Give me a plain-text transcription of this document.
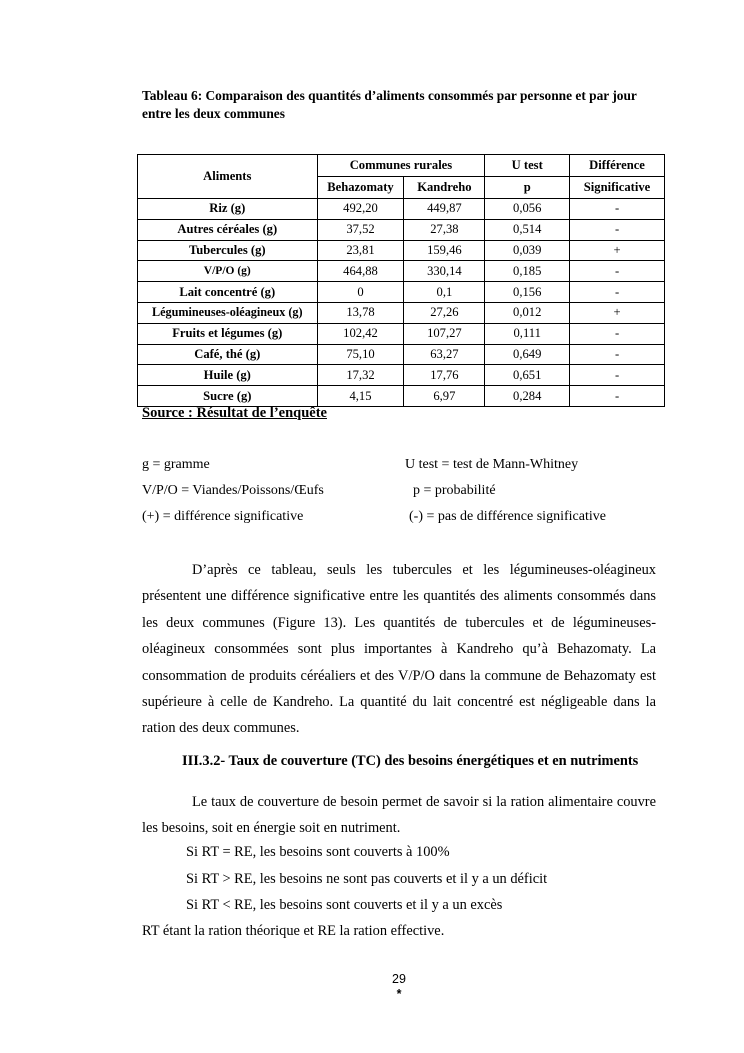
Tableau 6: Comparaison des quantités d’aliments consommés par personne et par jour entre les deux communes
Aliments	Communes rurales		U test	Différence
	Behazomaty	Kandreho	p	Significative
Riz (g)	492,20	449,87	0,056	-
Autres céréales (g)	37,52	27,38	0,514	-
Tubercules (g)	23,81	159,46	0,039	+
V/P/O (g)	464,88	330,14	0,185	-
Lait concentré (g)	0	0,1	0,156	-
Légumineuses-oléagineux (g)	13,78	27,26	0,012	+
Fruits et légumes (g)	102,42	107,27	0,111	-
Café, thé (g)	75,10	63,27	0,649	-
Huile (g)	17,32	17,76	0,651	-
Sucre (g)	4,15	6,97	0,284	-
Source : Résultat de l’enquête
g = gramme	U test = test de Mann-Whitney
V/P/O = Viandes/Poissons/Œufs	p = probabilité
(+) = différence significative	(-) = pas de différence significative

D’après ce tableau, seuls les tubercules et les légumineuses-oléagineux présentent une différence significative entre les quantités des aliments consommés dans les deux communes (Figure 13). Les quantités de tubercules et de légumineuses-oléagineux consommées sont plus importantes à Kandreho qu’à Behazomaty. La consommation de produits céréaliers et des V/P/O dans la commune de Behazomaty est supérieure à celle de Kandreho. La quantité du lait concentré est négligeable dans la ration des deux communes.

III.3.2- Taux de couverture (TC) des besoins énergétiques et en nutriments

Le taux de couverture de besoin permet de savoir si la ration alimentaire couvre les besoins, soit en énergie soit en nutriment.

Si RT = RE, les besoins sont couverts à 100%
Si RT > RE, les besoins ne sont pas couverts et il y a un déficit
Si RT < RE, les besoins sont couverts et il y a un excès
RT étant la ration théorique et RE la ration effective.
29
*
